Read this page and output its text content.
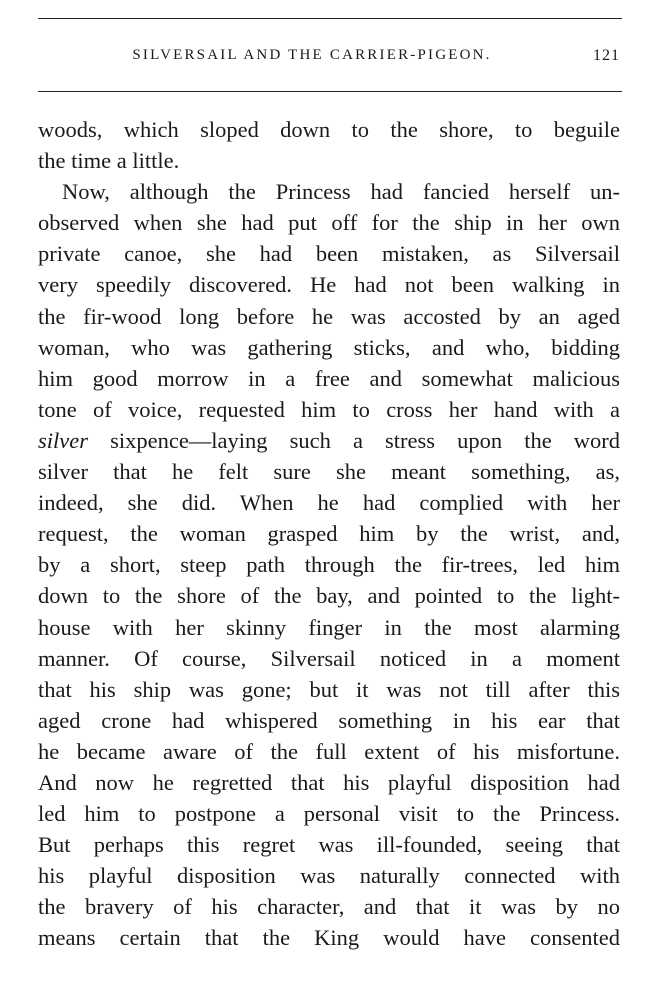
SILVERSAIL AND THE CARRIER-PIGEON.	121
woods, which sloped down to the shore, to beguile
the time a little.
Now, although the Princess had fancied herself un-
observed when she had put off for the ship in her own
private canoe, she had been mistaken, as Silversail
very speedily discovered. He had not been walking in
the fir-wood long before he was accosted by an aged
woman, who was gathering sticks, and who, bidding
him good morrow in a free and somewhat malicious
tone of voice, requested him to cross her hand with a
silver sixpence—laying such a stress upon the word
silver that he felt sure she meant something, as,
indeed, she did. When he had complied with her
request, the woman grasped him by the wrist, and,
by a short, steep path through the fir-trees, led him
down to the shore of the bay, and pointed to the light-
house with her skinny finger in the most alarming
manner. Of course, Silversail noticed in a moment
that his ship was gone; but it was not till after this
aged crone had whispered something in his ear that
he became aware of the full extent of his misfortune.
And now he regretted that his playful disposition had
led him to postpone a personal visit to the Princess.
But perhaps this regret was ill-founded, seeing that
his playful disposition was naturally connected with
the bravery of his character, and that it was by no
means certain that the King would have consented
